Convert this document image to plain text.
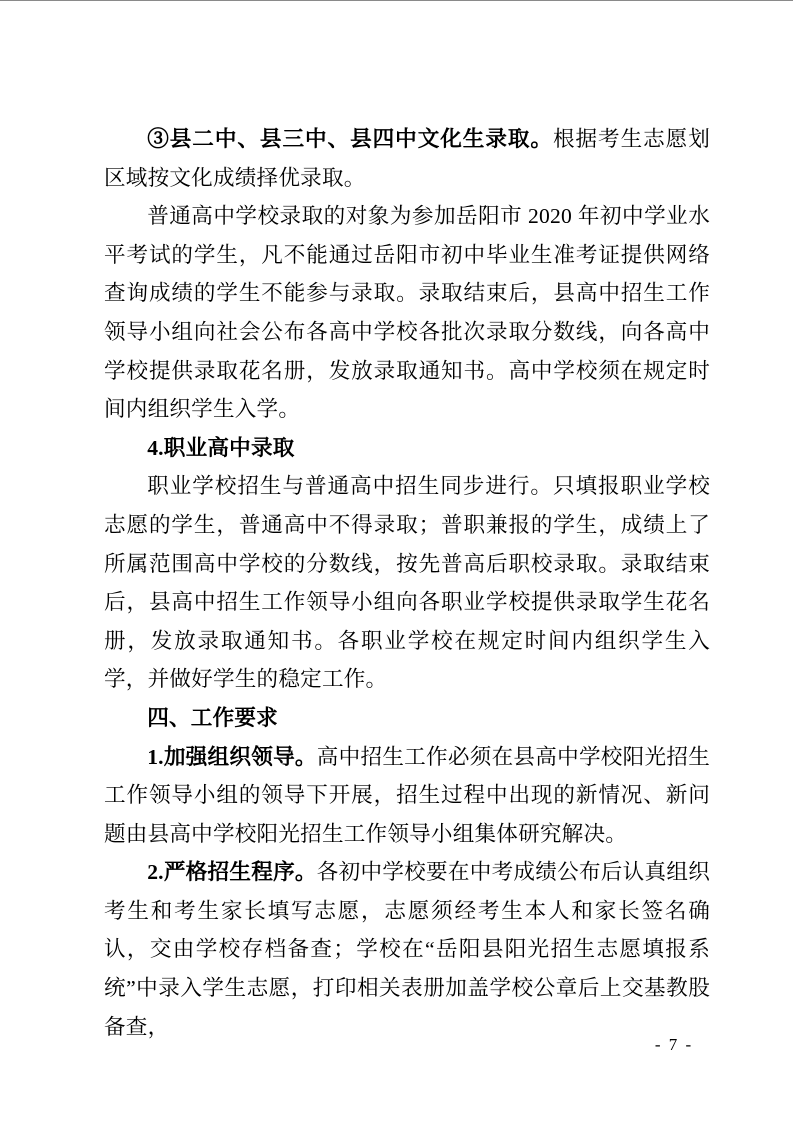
③县二中、县三中、县四中文化生录取。根据考生志愿划区域按文化成绩择优录取。

普通高中学校录取的对象为参加岳阳市 2020 年初中学业水平考试的学生，凡不能通过岳阳市初中毕业生准考证提供网络查询成绩的学生不能参与录取。录取结束后，县高中招生工作领导小组向社会公布各高中学校各批次录取分数线，向各高中学校提供录取花名册，发放录取通知书。高中学校须在规定时间内组织学生入学。

4.职业高中录取

职业学校招生与普通高中招生同步进行。只填报职业学校志愿的学生，普通高中不得录取；普职兼报的学生，成绩上了所属范围高中学校的分数线，按先普高后职校录取。录取结束后，县高中招生工作领导小组向各职业学校提供录取学生花名册，发放录取通知书。各职业学校在规定时间内组织学生入学，并做好学生的稳定工作。

四、工作要求

1.加强组织领导。高中招生工作必须在县高中学校阳光招生工作领导小组的领导下开展，招生过程中出现的新情况、新问题由县高中学校阳光招生工作领导小组集体研究解决。

2.严格招生程序。各初中学校要在中考成绩公布后认真组织考生和考生家长填写志愿，志愿须经考生本人和家长签名确认，交由学校存档备查；学校在“岳阳县阳光招生志愿填报系统”中录入学生志愿，打印相关表册加盖学校公章后上交基教股备查，

- 7 -
